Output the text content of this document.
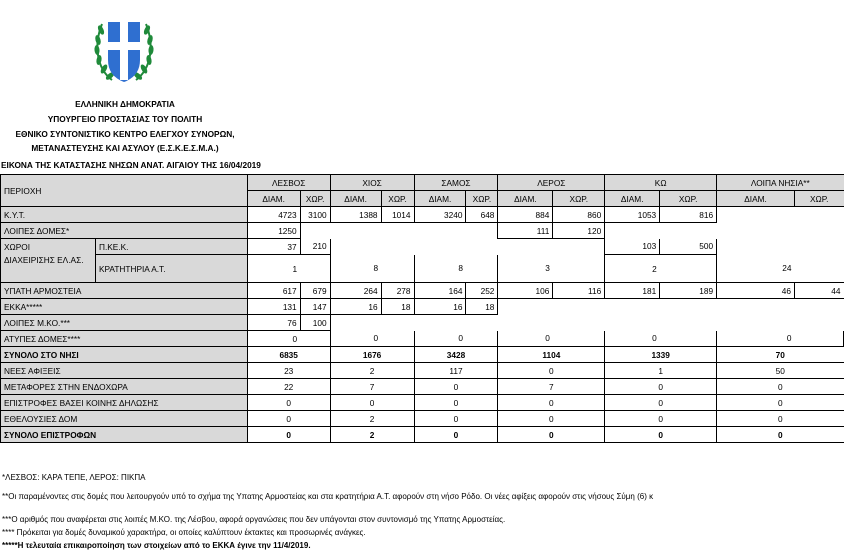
ΕΛΛΗΝΙΚΗ ΔΗΜΟΚΡΑΤΙΑ
ΥΠΟΥΡΓΕΙΟ ΠΡΟΣΤΑΣΙΑΣ ΤΟΥ ΠΟΛΙΤΗ
ΕΘΝΙΚΟ ΣΥΝΤΟΝΙΣΤΙΚΟ ΚΕΝΤΡΟ ΕΛΕΓΧΟΥ ΣΥΝΟΡΩΝ,
ΜΕΤΑΝΑΣΤΕΥΣΗΣ ΚΑΙ ΑΣΥΛΟΥ (Ε.Σ.Κ.Ε.Σ.Μ.Α.)
ΕΙΚΟΝΑ ΤΗΣ ΚΑΤΑΣΤΑΣΗΣ ΝΗΣΩΝ ΑΝΑΤ. ΑΙΓΑΙΟΥ ΤΗΣ 16/04/2019
ΠΕΡΙΟΧΗ		ΛΕΣΒΟΣ		ΧΙΟΣ		ΣΑΜΟΣ		ΛΕΡΟΣ		ΚΩ		ΛΟΙΠΑ ΝΗΣΙΑ**	
		ΔΙΑΜ.	ΧΩΡ.	ΔΙΑΜ.	ΧΩΡ.	ΔΙΑΜ.	ΧΩΡ.	ΔΙΑΜ.	ΧΩΡ.	ΔΙΑΜ.	ΧΩΡ.	ΔΙΑΜ.	ΧΩΡ.
Κ.Υ.Τ.		4723	3100	1388	1014	3240	648	884	860	1053	816		
ΛΟΙΠΕΣ ΔΟΜΕΣ*		1250						111	120				
ΧΩΡΟΙ	Π.ΚΕ.Κ.	37	210							103	500		
ΔΙΑΧΕΙΡΙΣΗΣ ΕΛ.ΑΣ.	ΚΡΑΤΗΤΗΡΙΑ Α.Τ.	1		8		8		3		2		24	
ΥΠΑΤΗ ΑΡΜΟΣΤΕΙΑ		617	679	264	278	164	252	106	116	181	189	46	44
ΕΚΚΑ*****		131	147	16	18	16	18						
ΛΟΙΠΕΣ Μ.ΚΟ.***		76	100										
ΑΤΥΠΕΣ ΔΟΜΕΣ****		0		0		0		0		0		0	
ΣΥΝΟΛΟ ΣΤΟ ΝΗΣΙ		6835		1676		3428		1104		1339		70	
ΝΕΕΣ ΑΦΙΞΕΙΣ		23		2		117		0		1		50	
ΜΕΤΑΦΟΡΕΣ ΣΤΗΝ ΕΝΔΟΧΩΡΑ		22		7		0		7		0		0	
ΕΠΙΣΤΡΟΦΕΣ ΒΑΣΕΙ ΚΟΙΝΗΣ ΔΗΛΩΣΗΣ		0		0		0		0		0		0	
ΕΘΕΛΟΥΣΙΕΣ ΔΟΜ		0		2		0		0		0		0	
ΣΥΝΟΛΟ ΕΠΙΣΤΡΟΦΩΝ		0		2		0		0		0		0	
*ΛΕΣΒΟΣ: ΚΑΡΑ ΤΕΠΕ, ΛΕΡΟΣ: ΠΙΚΠΑ
**Οι παραμένοντες στις δομές που λειτουργούν υπό το σχήμα της Υπατης Αρμοστείας και στα κρατητήρια Α.Τ. αφορούν στη νήσο Ρόδο. Οι νέες αφίξεις αφορούν στις νήσους Σύμη (6) κ
***Ο αριθμός που αναφέρεται στις λοιπές Μ.ΚΟ. της Λέσβου, αφορά οργανώσεις που δεν υπάγονται στον συντονισμό της Υπατης Αρμοστείας.
**** Πρόκειται για δομές δυναμικού χαρακτήρα, οι οποίες καλύπτουν έκτακτες και προσωρινές ανάγκες.
*****Η τελευταία επικαιροποίηση των στοιχείων από το ΕΚΚΑ έγινε την 11/4/2019.
